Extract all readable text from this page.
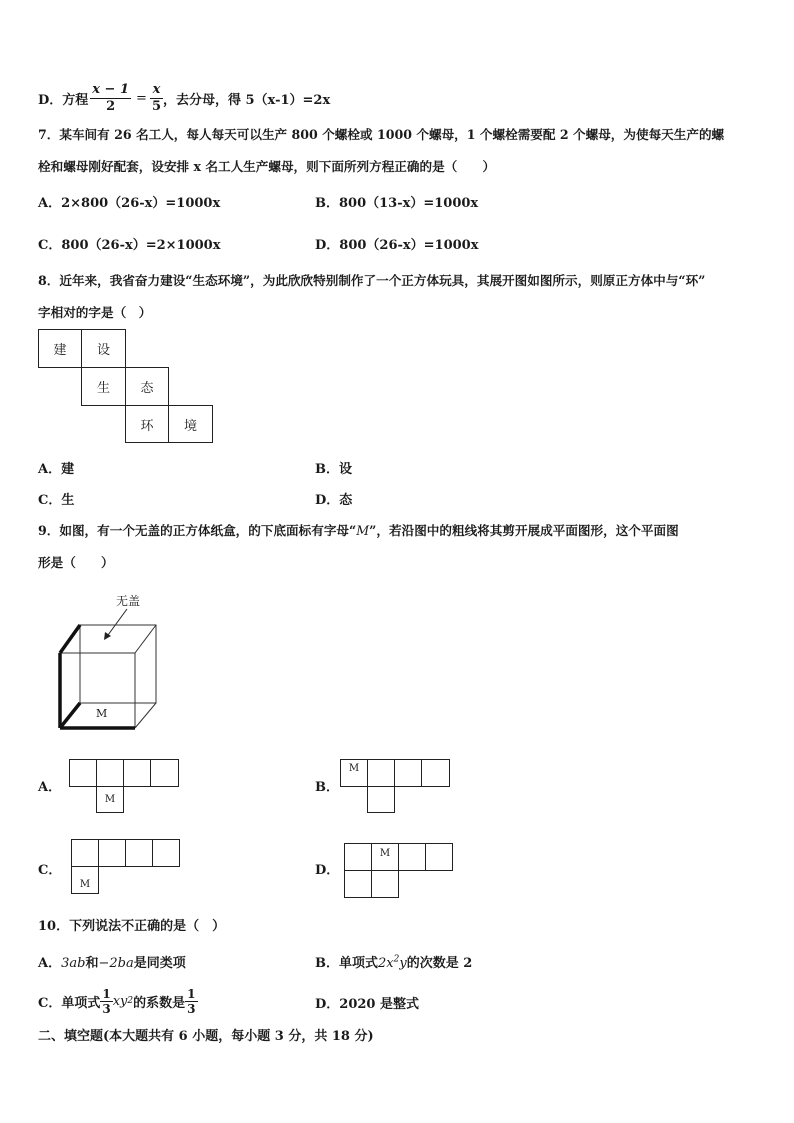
D．方程 $\frac{x - 1}{2} = \frac{x}{5}$ ，去分母，得 5（x-1）=2x
7．某车间有 26 名工人，每人每天可以生产 800 个螺栓或 1000 个螺母，1 个螺栓需要配 2 个螺母，为使每天生产的螺
栓和螺母刚好配套，设安排 x 名工人生产螺母，则下面所列方程正确的是（　　）
A．2×800（26-x）=1000x	B．800（13-x）=1000x
C．800（26-x）=2×1000x	D．800（26-x）=1000x
8．近年来，我省奋力建设“生态环境”，为此欣欣特别制作了一个正方体玩具，其展开图如图所示，则原正方体中与“环”
字相对的字是（　）
建	设
生	态
环	境
A．建	B．设
C．生	D．态
9．如图，有一个无盖的正方体纸盒，的下底面标有字母“M”，若沿图中的粗线将其剪开展成平面图形，这个平面图
形是（　　）
无盖
M
A．
M
B．
M
C．
M
D．
M
10．下列说法不正确的是（　）
A．3ab和−2ba是同类项	B．单项式$2x^2y$的次数是 2
C．单项式 $\frac{1}{3}$ xy 2 的系数是 $\frac{1}{3}$	D．2020 是整式
二、填空题(本大题共有 6 小题，每小题 3 分，共 18 分)
